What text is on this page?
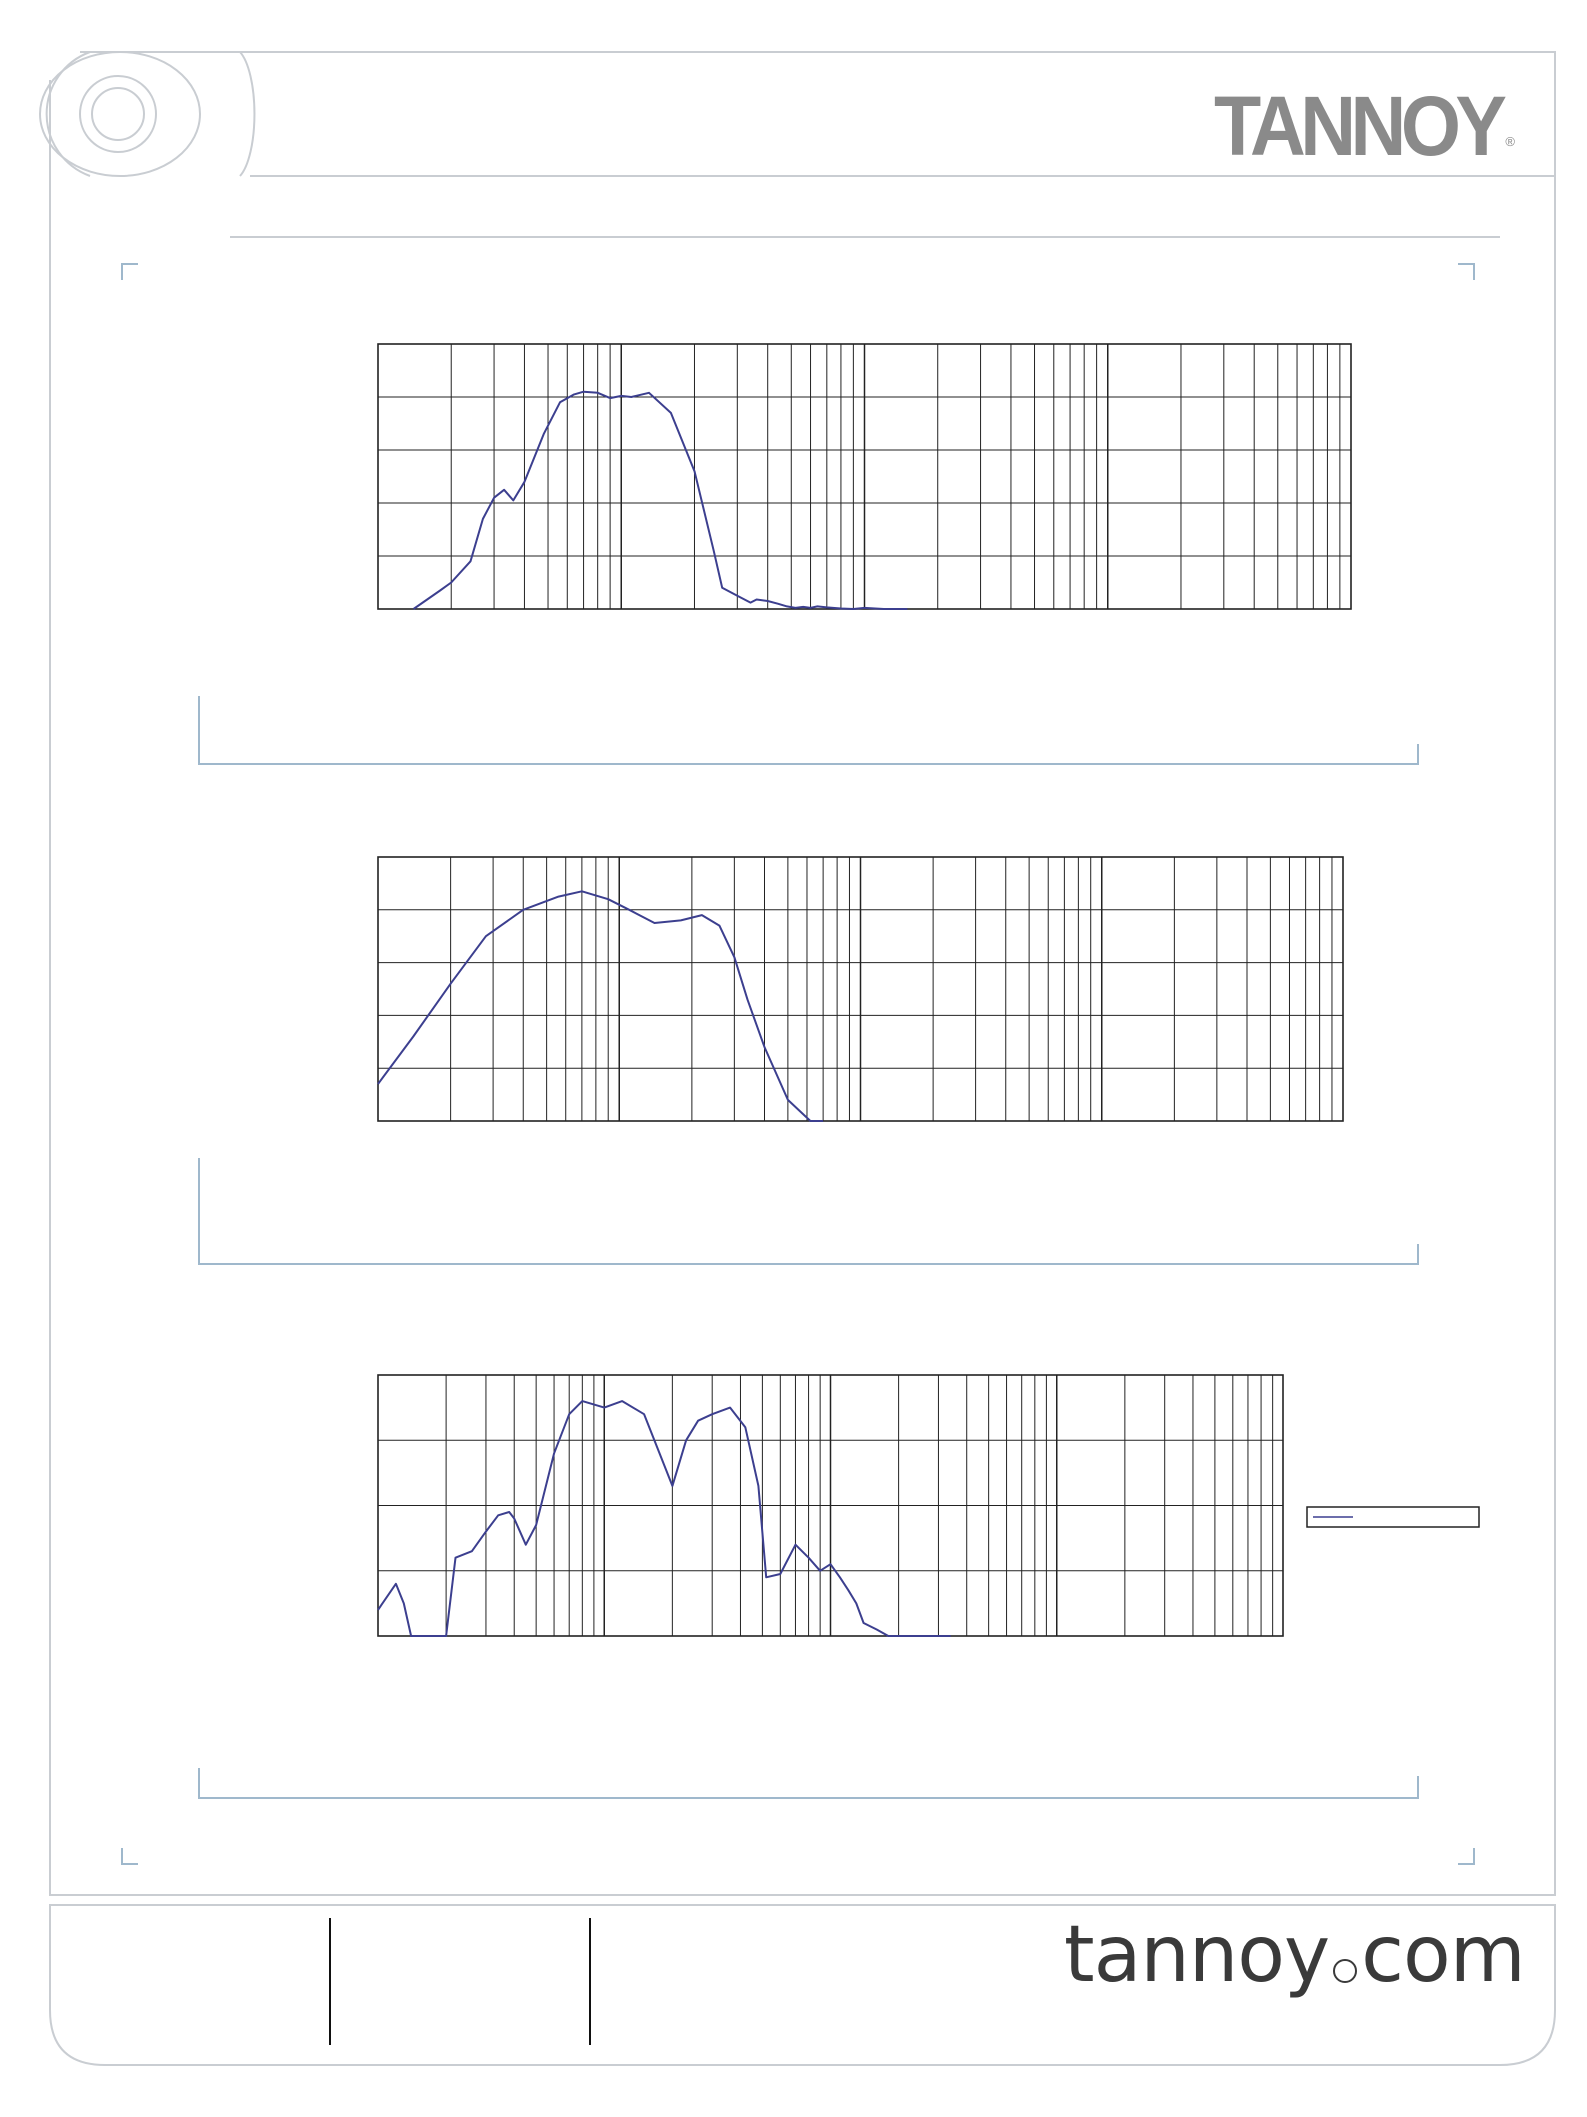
TANNOY ®
tannoy ○ com
